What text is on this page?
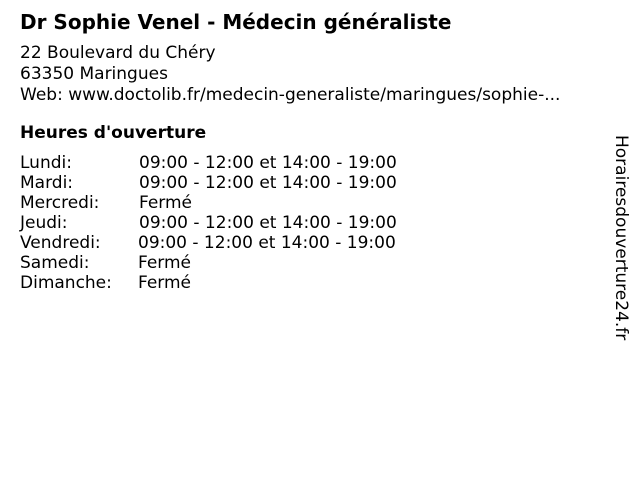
Dr Sophie Venel - Médecin généraliste
22 Boulevard du Chéry
63350 Maringues
Web: www.doctolib.fr/medecin-generaliste/maringues/sophie-...
Heures d'ouverture
Lundi:	09:00 - 12:00 et 14:00 - 19:00
Mardi:	09:00 - 12:00 et 14:00 - 19:00
Mercredi: Fermé
Jeudi:	09:00 - 12:00 et 14:00 - 19:00
Vendredi: 09:00 - 12:00 et 14:00 - 19:00
Samedi:	Fermé
Dimanche: Fermé	Horairesdouverture24.fr
